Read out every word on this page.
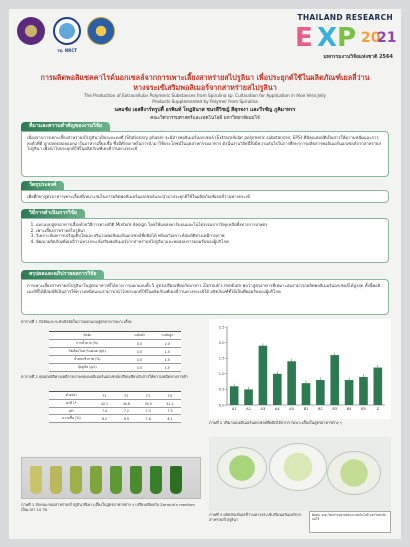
วช. NRCT
THAILAND RESEARCH
E X P 20
21
มหกรรมงานวิจัยแห่งชาติ 2564
การผลิตพอลิแซคคาไรด์นอกเซลล์จากการเพาะเลี้ยงสาหร่ายสไปรูลินา เพื่อประยุกต์ใช้ในผลิตภัณฑ์เยลลี่ว่านหางจระเข้เสริมพอลิเมอร์จากสาหร่ายสไปรูลินา
The Production of Extracellular Polymeric Substances from Spirulina sp. Cultivation for Application in Aloe Vera Jelly Products Supplemented by Polymer from Spirulina
นคมชัย เอสสีงาร์ทรูปตี้ อรพินท์ โทฎอินาส ชนรสีวิชญ์ สีสุกจงา และวีรชัญ ภูคิมาทรร
คณะวิศวกรรมศาสตร์และเทคโนโลยี มหาวิทยาลัยแม่โจ้
ที่มาและความสำคัญของงานวิจัย
เนื่องจากการเพาะเลี้ยงสาหร่ายสไปรูลินาเป็นระยะคงที่ (Stationary phase) จะมีสารพอลิเมอร์นอกเซลล์ (Extracellular polymeric substances; EPS) ที่มีคุณสมบัติเป็นสารให้ความหนืดและการคงตัวที่ดี ถูกปลดปล่อยออกมาในอาหารเลี้ยงเชื้อ ซึ่งมีศักยภาพในการนำมาใช้ประโยชน์ในอุตสาหกรรมอาหาร ดังนั้นงานวิจัยนี้จึงมีความสนใจในการศึกษาการผลิตสารพอลิเมอร์นอกเซลล์จากสาหร่ายสไปรูลินา เพื่อนำไปประยุกต์ใช้ในผลิตภัณฑ์เยลลี่ว่านหางจระเข้
วัตถุประสงค์
เพื่อศึกษาสูตรอาหารเพาะเลี้ยงที่เหมาะสมในการผลิตพอลิเมอร์นอกเซลล์และนำมาประยุกต์ใช้ในผลิตภัณฑ์เยลลี่ว่านหางจระเข้
วิธีการดำเนินการวิจัย
1. ออกแบบสูตรอาหารเลี้ยงด้วยวิธีการทางสถิติ Mixture design โดยใช้แหล่งคาร์บอนและไนโตรเจนจากวัสดุเหลือทิ้งทางการเกษตร
2. เพาะเลี้ยงสาหร่ายสไปรูลินา
3. วิเคราะห์ผลการเจริญเติบโตและปริมาณพอลิเมอร์นอกเซลล์ที่ผลิตได้ พร้อมวิเคราะห์สมบัติทางเคมีกายภาพ
4. พัฒนาผลิตภัณฑ์เยลลี่ว่านหางจระเข้เสริมพอลิเมอร์จากสาหร่ายสไปรูลินาและทดสอบการยอมรับของผู้บริโภค
สรุปผลและอภิปรายผลการวิจัย
การเพาะเลี้ยงสาหร่ายสไปรูลินาในสูตรอาหารที่ได้จากการออกแบบทั้ง 5 สูตรเปรียบเทียบกับอาหาร Zarrouk's medium พบว่าสูตรอาหารที่เหมาะสมสามารถผลิตพอลิเมอร์นอกเซลล์ได้สูงสุด ทั้งนี้พอลิเมอร์ที่ได้มีสมบัติเป็นสารให้ความหนืดและสามารถนำไปประยุกต์ใช้ในผลิตภัณฑ์เยลลี่ว่านหางจระเข้ได้ ผลิตภัณฑ์ที่ได้เป็นที่ยอมรับของผู้บริโภค
ตารางที่ 1 ปัจจัยและระดับปัจจัยในการออกแบบสูตรอาหารเพาะเลี้ยง
ปัจจัย	ระดับต่ำ	ระดับสูง
กากน้ำตาล (%)	0.5	2.0
โซเดียมไบคาร์บอเนต (g/L)	0.5	1.5
น้ำหมักชีวภาพ (%)	0.5	1.5
ปุ๋ยยูเรีย (g/L)	0.5	1.5
ตารางที่ 2 คุณสมบัติทางเคมีกายภาพของพอลิเมอร์นอกเซลล์เปรียบเทียบกับสารให้ความหนืดทางการค้า
ตัวอย่าง	F1	F2	F3	F4
ค่าสี L*	42.1	40.8	39.5	41.2
pH	7.4	7.2	7.3	7.5
ความชื้น (%)	8.2	8.9	7.6	8.1
ภาพที่ 1 ลักษณะของสาหร่ายสไปรูลินาที่เพาะเลี้ยงในสูตรอาหารต่าง ๆ เปรียบเทียบกับ Zarrouk's medium เป็นเวลา 10 วัน
0.0
0.5
1.0
1.5
2.0
2.5
A1	A2	A3	A4	A5	B1	B2	B3	B4	B5	Z
ภาพที่ 2 ปริมาณพอลิเมอร์นอกเซลล์ที่ผลิตได้จากการเพาะเลี้ยงในสูตรอาหารต่าง ๆ
ภาพที่ 3 ผลิตภัณฑ์เยลลี่ว่านหางจระเข้เสริมพอลิเมอร์จากสาหร่ายสไปรูลินา
ติดต่อ: คณะวิศวกรรมศาสตร์และเทคโนโลยี มหาวิทยาลัยแม่โจ้
